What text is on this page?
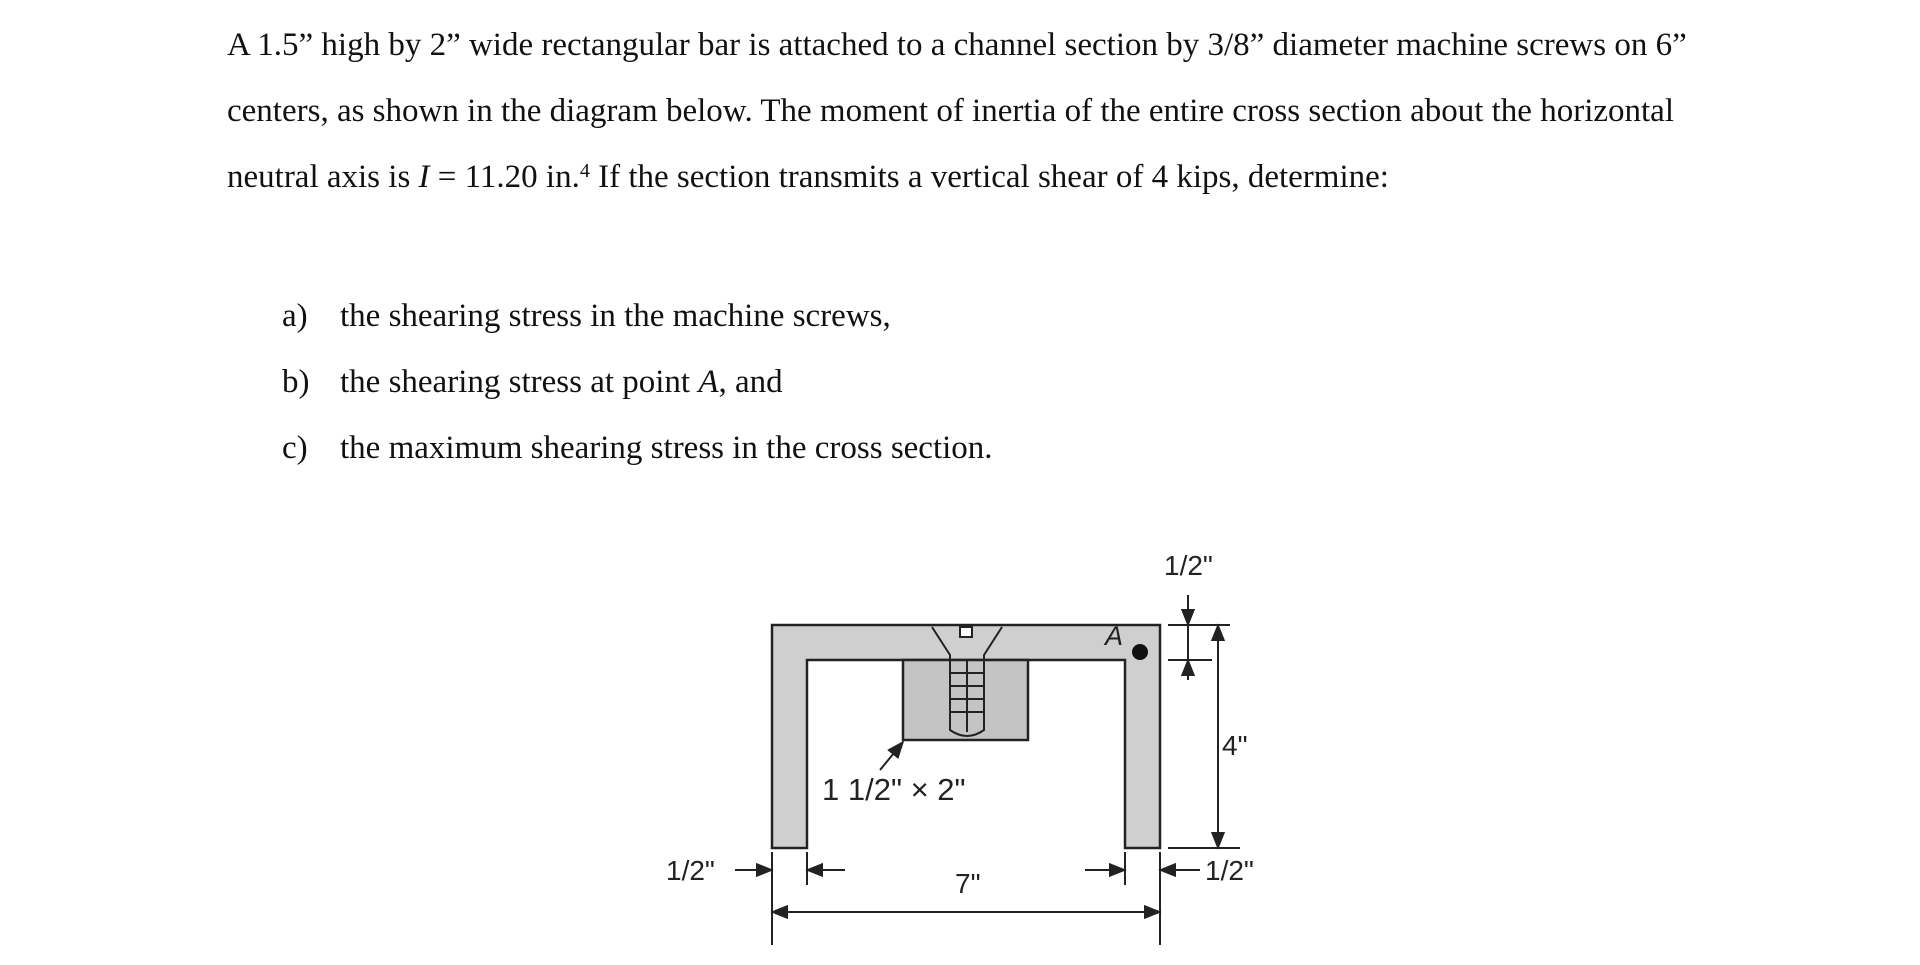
A 1.5” high by 2” wide rectangular bar is attached to a channel section by 3/8” diameter machine screws on 6” centers, as shown in the diagram below. The moment of inertia of the entire cross section about the horizontal neutral axis is I = 11.20 in.$^4$ If the section transmits a vertical shear of 4 kips, determine:

a) the shearing stress in the machine screws,
b) the shearing stress at point A, and
c) the maximum shearing stress in the cross section.
A
1/2"
4"
1 1/2" × 2"
1/2"	7"	1/2"
